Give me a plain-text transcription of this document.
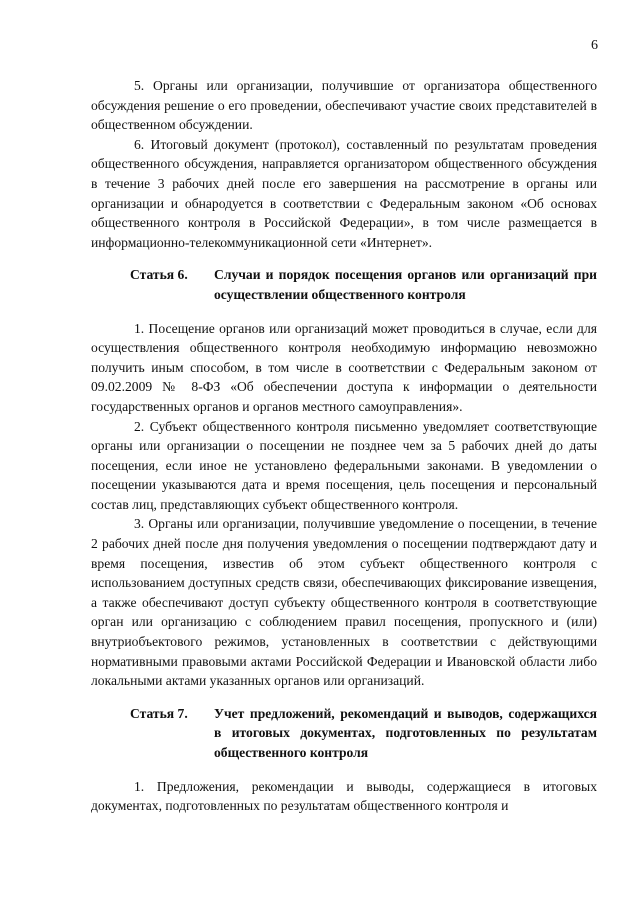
6

5. Органы или организации, получившие от организатора общественного обсуждения решение о его проведении, обеспечивают участие своих представителей в общественном обсуждении.

6. Итоговый документ (протокол), составленный по результатам проведения общественного обсуждения, направляется организатором общественного обсуждения в течение 3 рабочих дней после его завершения на рассмотрение в органы или организации и обнародуется в соответствии с Федеральным законом «Об основах общественного контроля в Российской Федерации», в том числе размещается в информационно-телекоммуникационной сети «Интернет».

Статья 6.	Случаи и порядок посещения органов или организаций при осуществлении общественного контроля

1. Посещение органов или организаций может проводиться в случае, если для осуществления общественного контроля необходимую информацию невозможно получить иным способом, в том числе в соответствии с Федеральным законом от 09.02.2009 № 8-ФЗ «Об обеспечении доступа к информации о деятельности государственных органов и органов местного самоуправления».

2. Субъект общественного контроля письменно уведомляет соответствующие органы или организации о посещении не позднее чем за 5 рабочих дней до даты посещения, если иное не установлено федеральными законами. В уведомлении о посещении указываются дата и время посещения, цель посещения и персональный состав лиц, представляющих субъект общественного контроля.

3. Органы или организации, получившие уведомление о посещении, в течение 2 рабочих дней после дня получения уведомления о посещении подтверждают дату и время посещения, известив об этом субъект общественного контроля с использованием доступных средств связи, обеспечивающих фиксирование извещения, а также обеспечивают доступ субъекту общественного контроля в соответствующие орган или организацию с соблюдением правил посещения, пропускного и (или) внутриобъектового режимов, установленных в соответствии с действующими нормативными правовыми актами Российской Федерации и Ивановской области либо локальными актами указанных органов или организаций.

Статья 7.	Учет предложений, рекомендаций и выводов, содержащихся в итоговых документах, подготовленных по результатам общественного контроля

1. Предложения, рекомендации и выводы, содержащиеся в итоговых документах, подготовленных по результатам общественного контроля и
